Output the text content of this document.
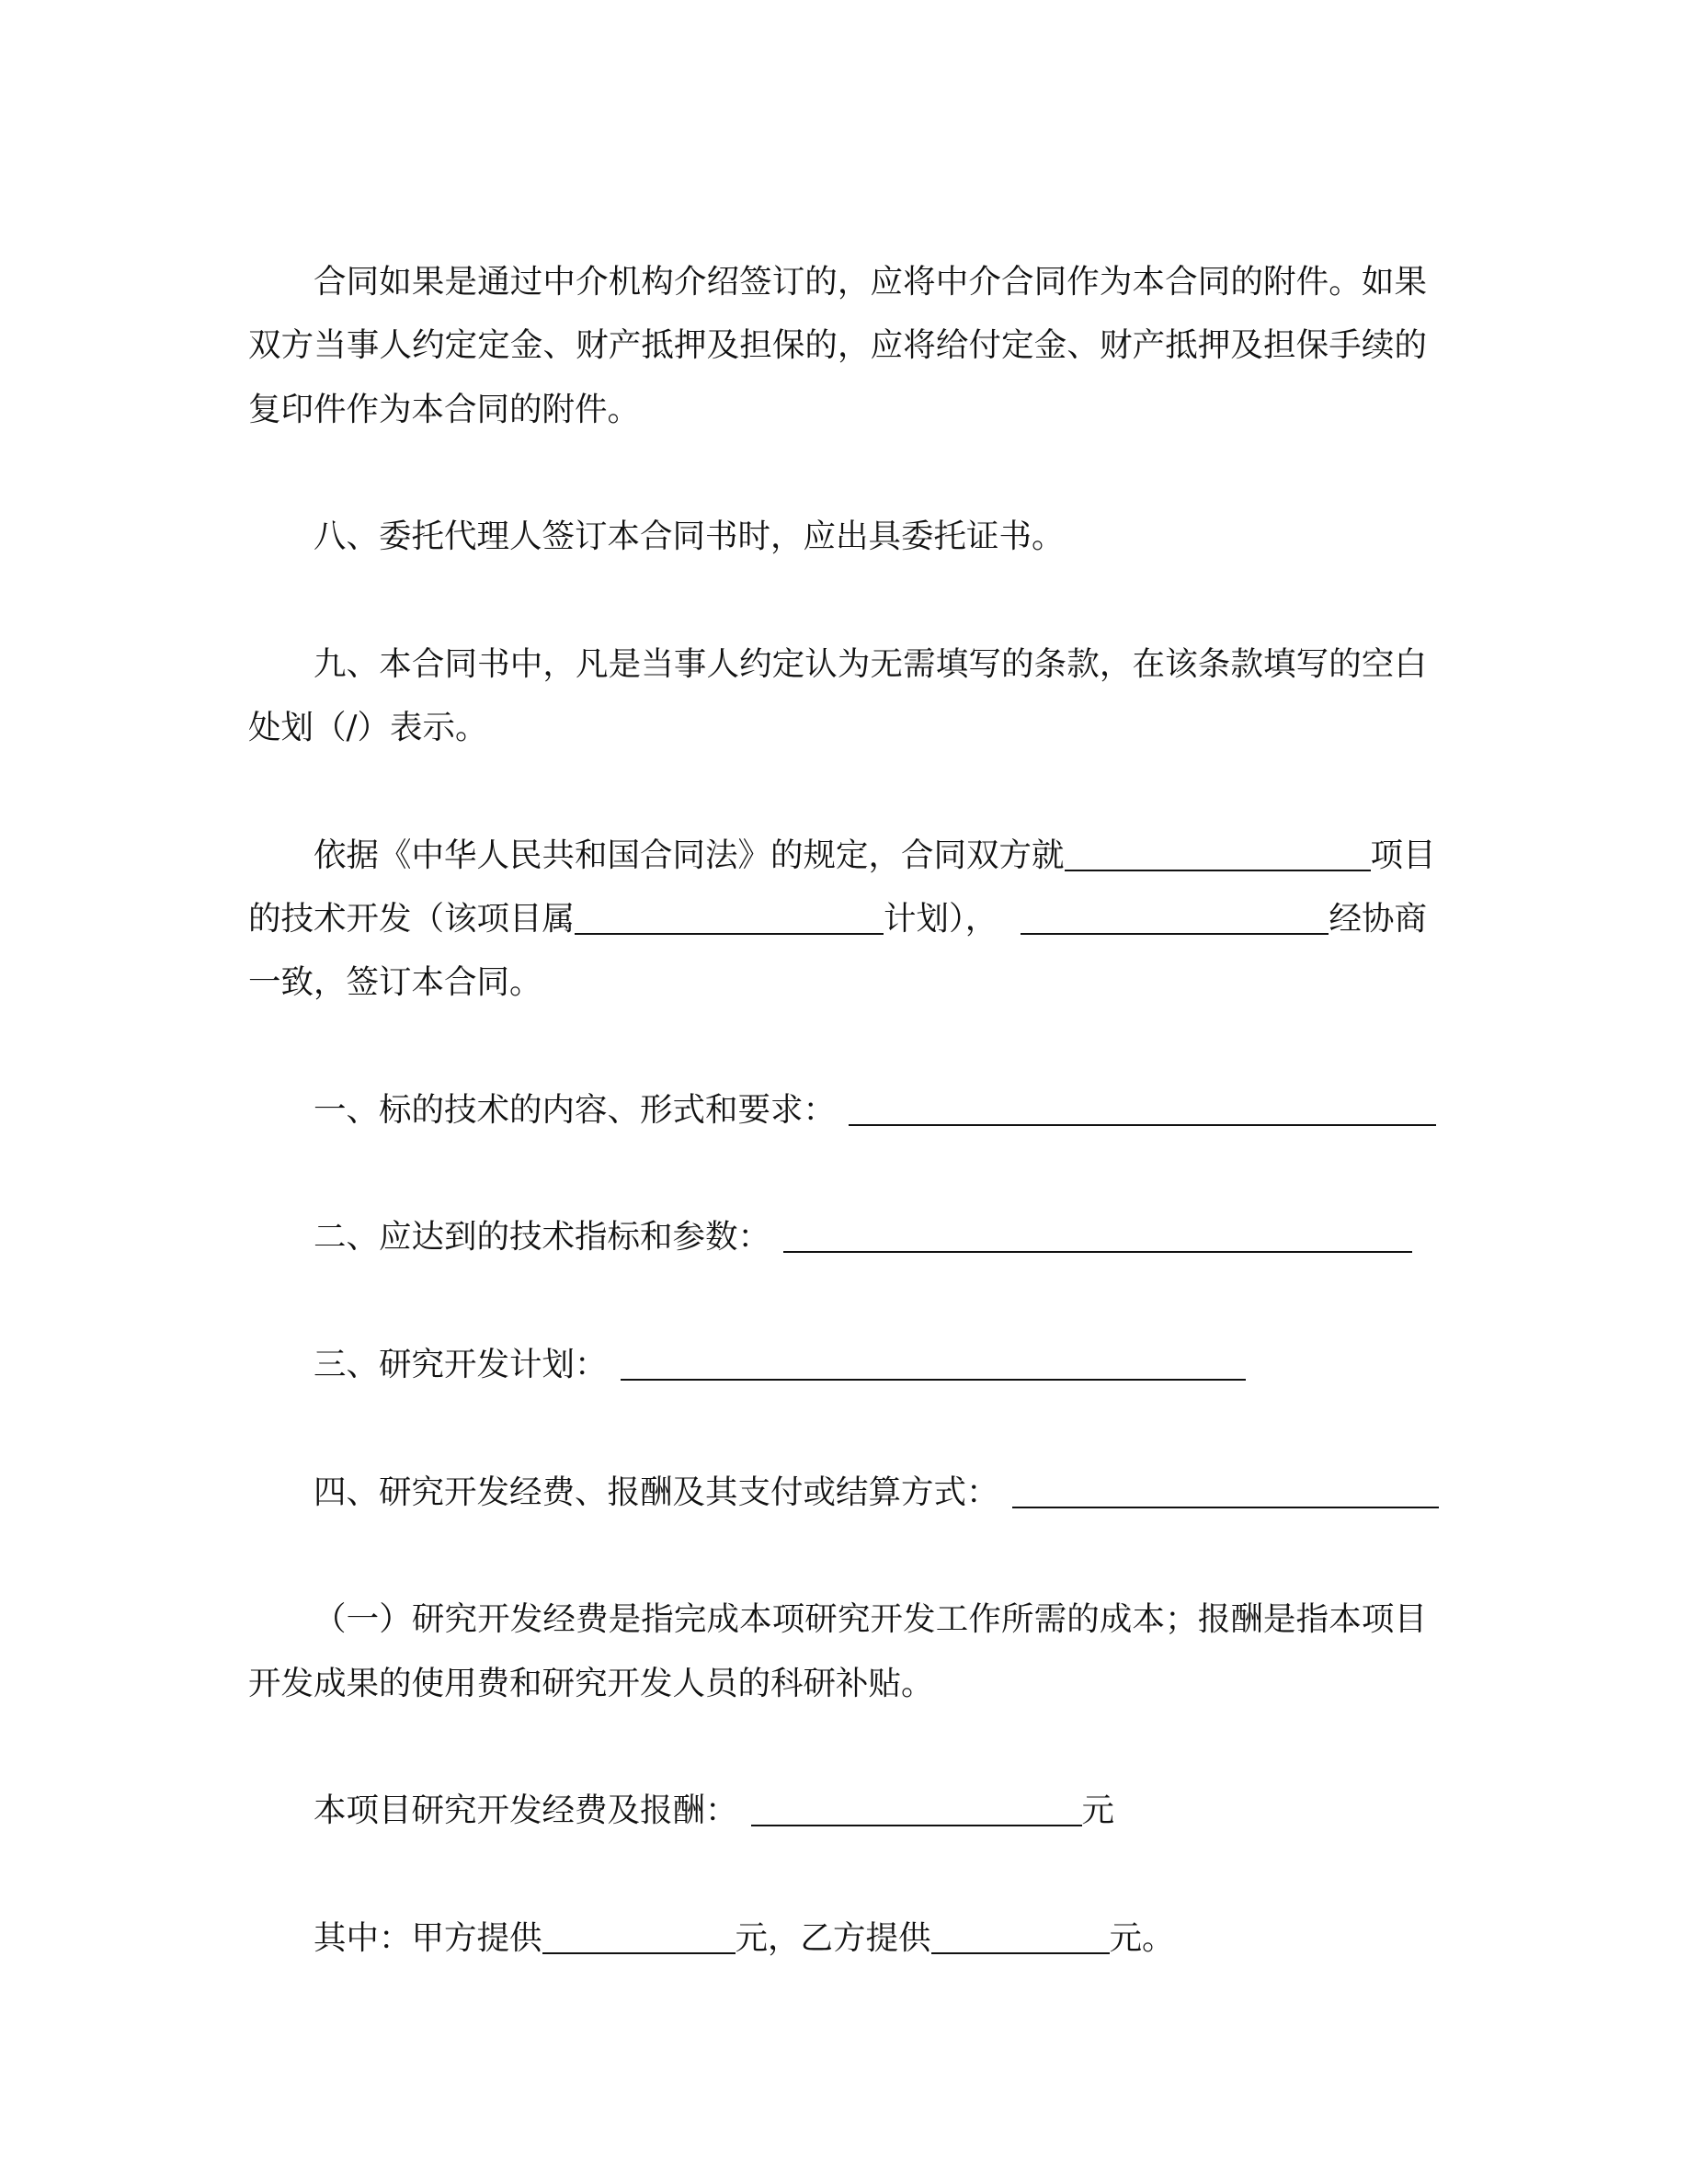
合同如果是通过中介机构介绍签订的，应将中介合同作为本合同的附件。如果
双方当事人约定定金、财产抵押及担保的，应将给付定金、财产抵押及担保手续的
复印件作为本合同的附件。
八、委托代理人签订本合同书时，应出具委托证书。
九、本合同书中，凡是当事人约定认为无需填写的条款，在该条款填写的空白
处划（/）表示。
依据《中华人民共和国合同法》的规定，合同双方就	项目
的技术开发（该项目属	计划），	经协商
一致，签订本合同。
一、标的技术的内容、形式和要求：
二、应达到的技术指标和参数：
三、研究开发计划：
四、研究开发经费、报酬及其支付或结算方式：
（一）研究开发经费是指完成本项研究开发工作所需的成本；报酬是指本项目
开发成果的使用费和研究开发人员的科研补贴。
本项目研究开发经费及报酬：	元
其中：甲方提供	元，乙方提供	元。
